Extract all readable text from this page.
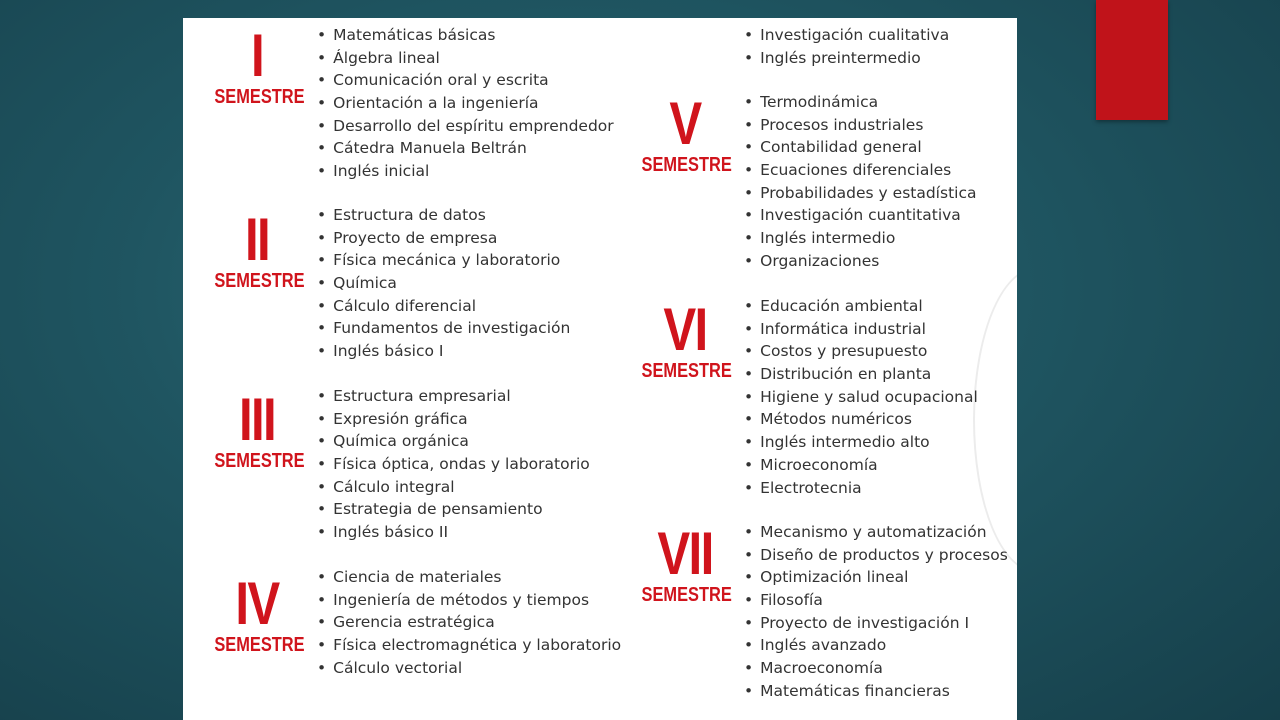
I
SEMESTRE
• Matemáticas básicas
• Álgebra lineal
• Comunicación oral y escrita
• Orientación a la ingeniería
• Desarrollo del espíritu emprendedor
• Cátedra Manuela Beltrán
• Inglés inicial
II
SEMESTRE
• Estructura de datos
• Proyecto de empresa
• Física mecánica y laboratorio
• Química
• Cálculo diferencial
• Fundamentos de investigación
• Inglés básico I
III
SEMESTRE
• Estructura empresarial
• Expresión gráfica
• Química orgánica
• Física óptica, ondas y laboratorio
• Cálculo integral
• Estrategia de pensamiento
• Inglés básico II
IV
SEMESTRE
• Ciencia de materiales
• Ingeniería de métodos y tiempos
• Gerencia estratégica
• Física electromagnética y laboratorio
• Cálculo vectorial
• Investigación cualitativa
• Inglés preintermedio
V
SEMESTRE
• Termodinámica
• Procesos industriales
• Contabilidad general
• Ecuaciones diferenciales
• Probabilidades y estadística
• Investigación cuantitativa
• Inglés intermedio
• Organizaciones
VI
SEMESTRE
• Educación ambiental
• Informática industrial
• Costos y presupuesto
• Distribución en planta
• Higiene y salud ocupacional
• Métodos numéricos
• Inglés intermedio alto
• Microeconomía
• Electrotecnia
VII
SEMESTRE
• Mecanismo y automatización
• Diseño de productos y procesos
• Optimización lineal
• Filosofía
• Proyecto de investigación I
• Inglés avanzado
• Macroeconomía
• Matemáticas financieras
